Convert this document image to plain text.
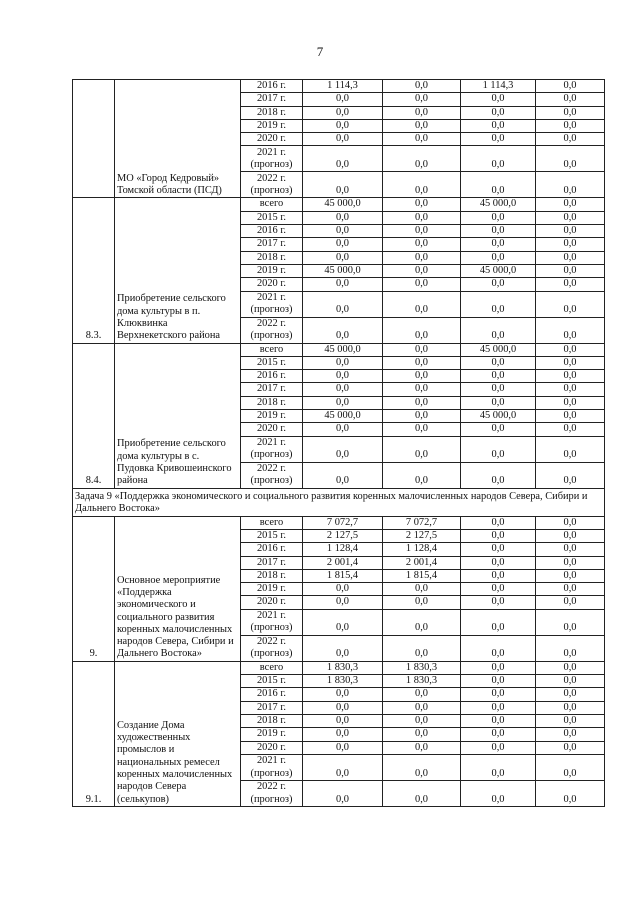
7
	МО «Город Кедровый» Томской области (ПСД)	2016 г.	1 114,3	0,0	1 114,3	0,0
		2017 г.	0,0	0,0	0,0	0,0
		2018 г.	0,0	0,0	0,0	0,0
		2019 г.	0,0	0,0	0,0	0,0
		2020 г.	0,0	0,0	0,0	0,0
		2021 г. (прогноз)	0,0	0,0	0,0	0,0
		2022 г. (прогноз)	0,0	0,0	0,0	0,0
8.3.	Приобретение сельского дома культуры в п. Клюквинка Верхнекетского района	всего	45 000,0	0,0	45 000,0	0,0
		2015 г.	0,0	0,0	0,0	0,0
		2016 г.	0,0	0,0	0,0	0,0
		2017 г.	0,0	0,0	0,0	0,0
		2018 г.	0,0	0,0	0,0	0,0
		2019 г.	45 000,0	0,0	45 000,0	0,0
		2020 г.	0,0	0,0	0,0	0,0
		2021 г. (прогноз)	0,0	0,0	0,0	0,0
		2022 г. (прогноз)	0,0	0,0	0,0	0,0
8.4.	Приобретение сельского дома культуры в с. Пудовка Кривошеинского района	всего	45 000,0	0,0	45 000,0	0,0
		2015 г.	0,0	0,0	0,0	0,0
		2016 г.	0,0	0,0	0,0	0,0
		2017 г.	0,0	0,0	0,0	0,0
		2018 г.	0,0	0,0	0,0	0,0
		2019 г.	45 000,0	0,0	45 000,0	0,0
		2020 г.	0,0	0,0	0,0	0,0
		2021 г. (прогноз)	0,0	0,0	0,0	0,0
		2022 г. (прогноз)	0,0	0,0	0,0	0,0
Задача 9 «Поддержка экономического и социального развития коренных малочисленных народов Севера, Сибири и Дальнего Востока»						
9.	Основное мероприятие «Поддержка экономического и социального развития коренных малочисленных народов Севера, Сибири и Дальнего Востока»	всего	7 072,7	7 072,7	0,0	0,0
		2015 г.	2 127,5	2 127,5	0,0	0,0
		2016 г.	1 128,4	1 128,4	0,0	0,0
		2017 г.	2 001,4	2 001,4	0,0	0,0
		2018 г.	1 815,4	1 815,4	0,0	0,0
		2019 г.	0,0	0,0	0,0	0,0
		2020 г.	0,0	0,0	0,0	0,0
		2021 г. (прогноз)	0,0	0,0	0,0	0,0
		2022 г. (прогноз)	0,0	0,0	0,0	0,0
9.1.	Создание Дома художественных промыслов и национальных ремесел коренных малочисленных народов Севера (селькупов)	всего	1 830,3	1 830,3	0,0	0,0
		2015 г.	1 830,3	1 830,3	0,0	0,0
		2016 г.	0,0	0,0	0,0	0,0
		2017 г.	0,0	0,0	0,0	0,0
		2018 г.	0,0	0,0	0,0	0,0
		2019 г.	0,0	0,0	0,0	0,0
		2020 г.	0,0	0,0	0,0	0,0
		2021 г. (прогноз)	0,0	0,0	0,0	0,0
		2022 г. (прогноз)	0,0	0,0	0,0	0,0
